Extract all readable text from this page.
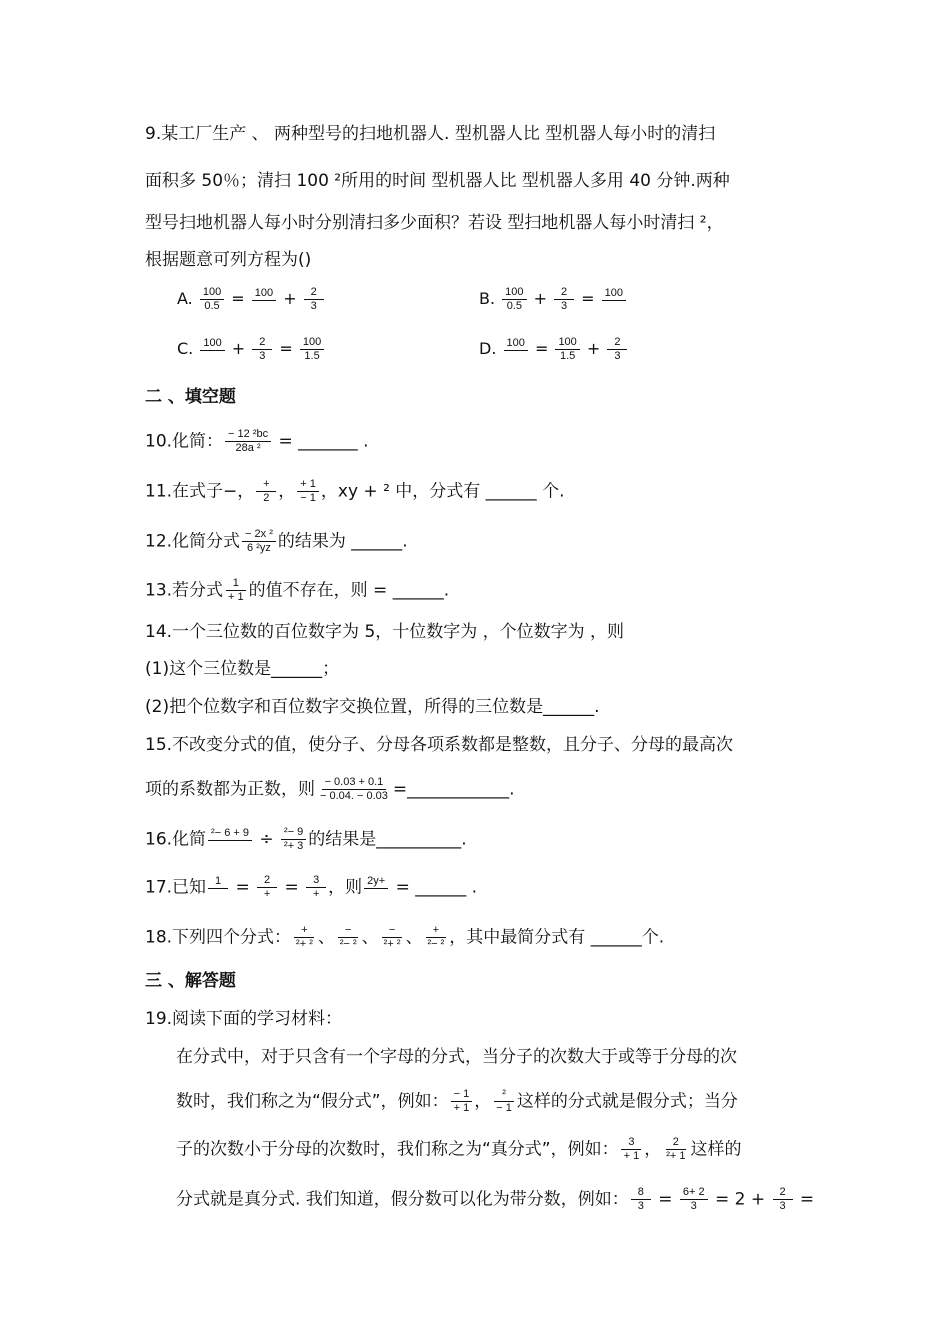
9.某工厂生产 、 两种型号的扫地机器人. 型机器人比 型机器人每小时的清扫
面积多 50％；清扫 100 ²所用的时间 型机器人比 型机器人多用 40 分钟.两种
型号扫地机器人每小时分别清扫多少面积？若设 型扫地机器人每小时清扫 ²，
根据题意可列方程为()
A. $\frac{100}{0.5} = 100 + \frac{2}{3}$	B. $\frac{100}{0.5} + \frac{2}{3} = 100$
C. $100 + \frac{2}{3} = \frac{100}{1.5}$	D. $100 = \frac{100}{1.5} + \frac{2}{3}$
二 、填空题
10.化简： $\frac{\text{− 12 ²bc}}{\text{28a ²}}$ = _______ .
11.在式子−， $\frac{+}{2}$ ， $\frac{+ 1}{- 1}$ ，xy + ² 中，分式有 ______ 个.
12.化简分式 $\frac{\text{− 2x ²}}{\text{6 ²yz}}$ 的结果为 ______.
13.若分式 $\frac{1}{+ 1}$ 的值不存在，则 = ______.
14.一个三位数的百位数字为 5，十位数字为 ，个位数字为 ，则
(1)这个三位数是______；
(2)把个位数字和百位数字交换位置，所得的三位数是______.
15.不改变分式的值，使分子、分母各项系数都是整数，且分子、分母的最高次
项的系数都为正数，则 $\frac{- 0.03 + 0.1}{- 0.04. - 0.03}$ =____________.
16.化简 $^2- 6 + 9 \div \frac{\text{²− 9}}{\text{²+ 3}}$ 的结果是__________.
17.已知 $1 = \frac{2}{+} = \frac{3}{+}$ ，则 2y+ = ______ .
18.下列四个分式： $\frac{+}{\text{²+ ²}}$ 、 $\frac{-}{\text{²− ²}}$ 、 $\frac{-}{\text{²+ ²}}$ 、 $\frac{+}{\text{²− ²}}$ ，其中最简分式有 ______个.
三 、解答题
19.阅读下面的学习材料：
在分式中，对于只含有一个字母的分式，当分子的次数大于或等于分母的次
数时，我们称之为“假分式”，例如： $\frac{- 1}{+ 1}$ ， $\frac{\text{²}}{- 1}$ 这样的分式就是假分式；当分
子的次数小于分母的次数时，我们称之为“真分式”，例如： $\frac{3}{+ 1}$ ， $\frac{2}{\text{²+ 1}}$ 这样的
分式就是真分式. 我们知道，假分数可以化为带分数，例如： $\frac{8}{3} = \frac{6+ 2}{3} = 2 + \frac{2}{3}$ =
